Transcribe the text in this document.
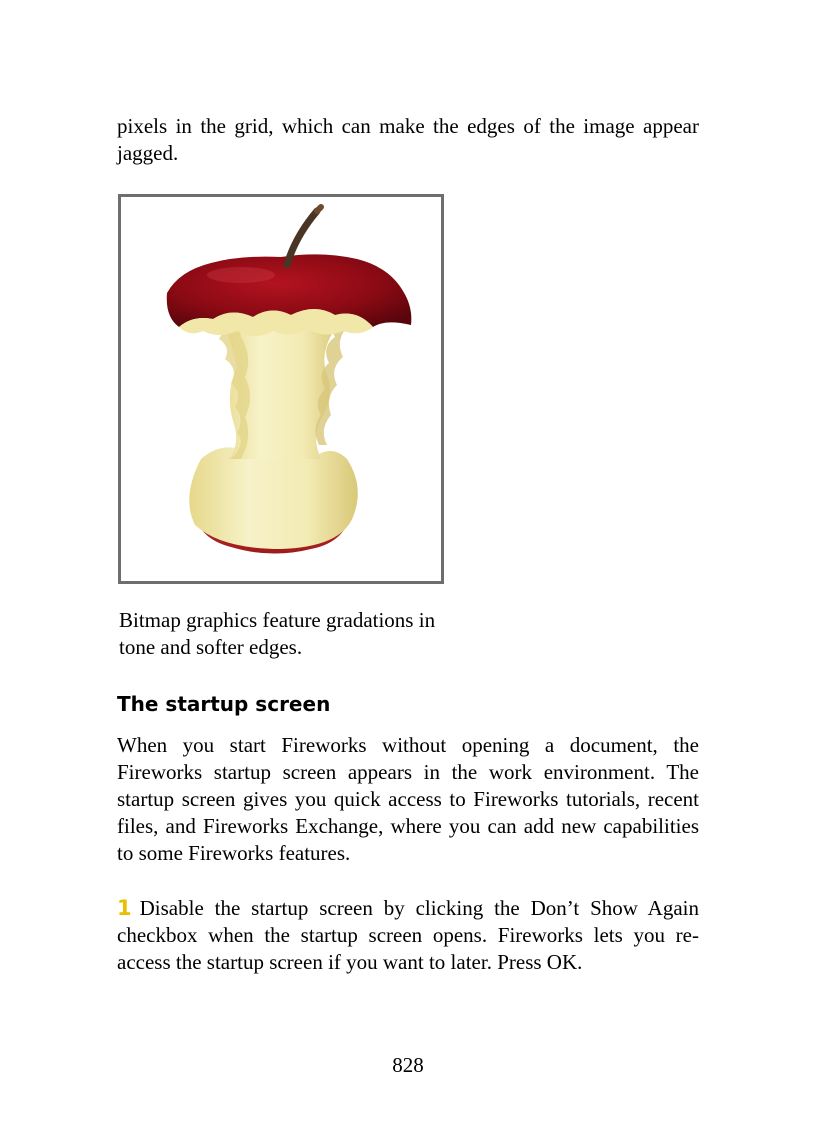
pixels in the grid, which can make the edges of the image appear jagged.

Bitmap graphics feature gradations in
tone and softer edges.
The startup screen

When you start Fireworks without opening a document, the Fireworks startup screen appears in the work environment. The startup screen gives you quick access to Fireworks tutorials, recent files, and Fireworks Exchange, where you can add new capabilities to some Fireworks features.

1 Disable the startup screen by clicking the Don’t Show Again checkbox when the startup screen opens. Fireworks lets you re-access the startup screen if you want to later. Press OK.

828
